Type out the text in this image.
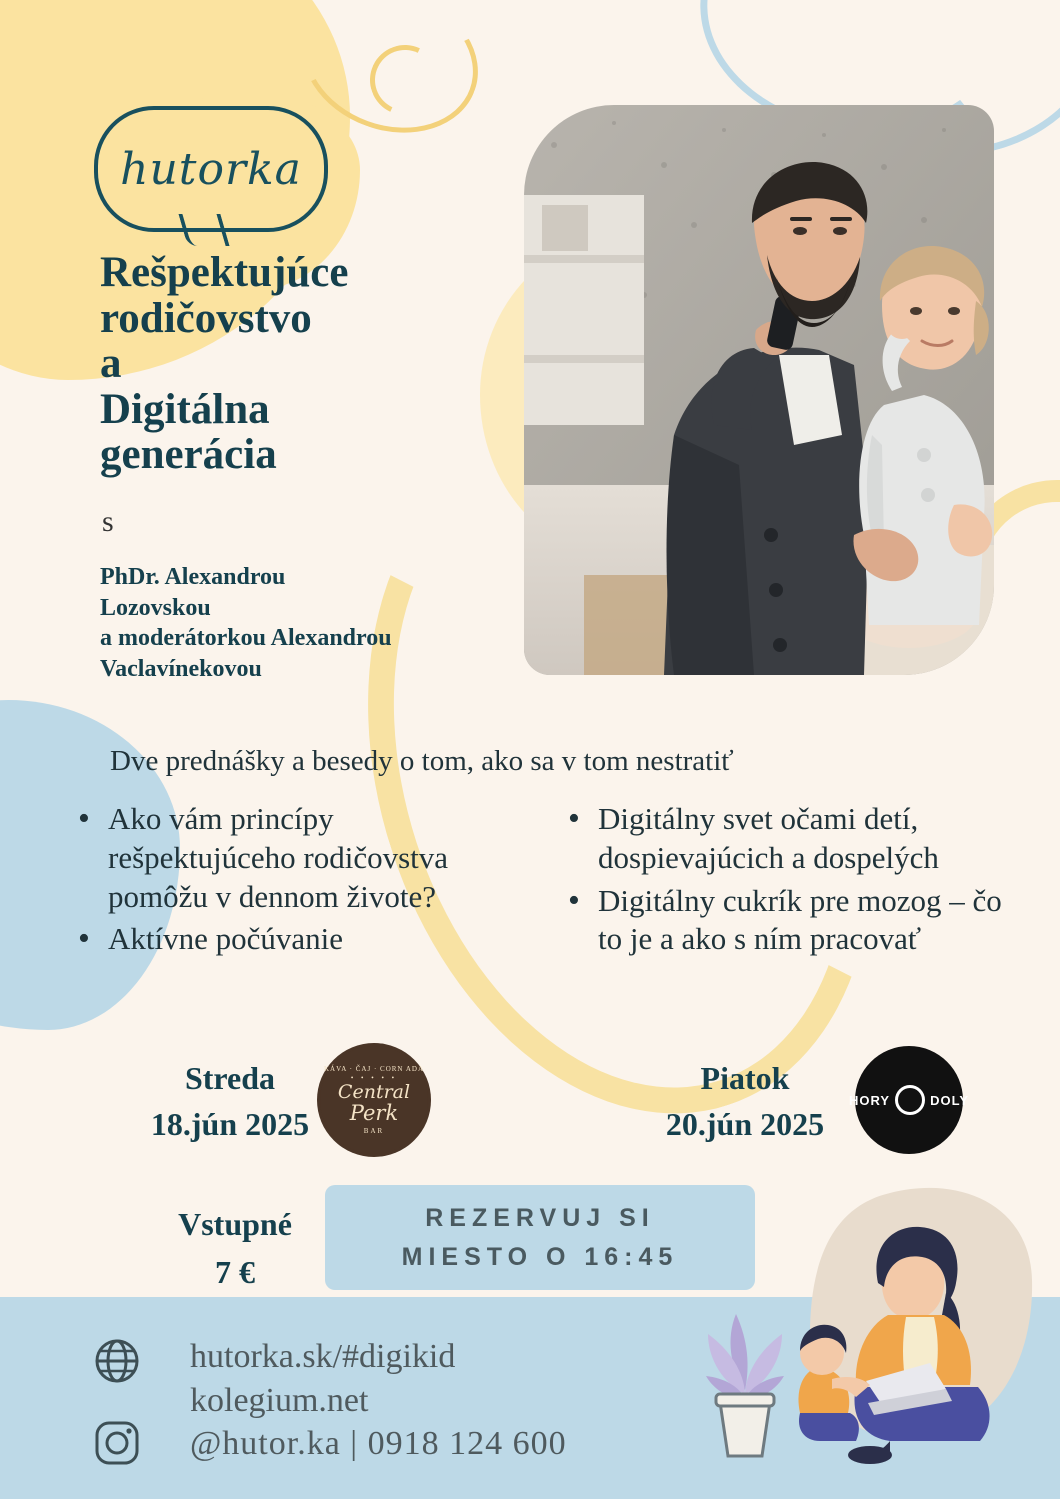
hutorka
Rešpektujúce
rodičovstvo
a
Digitálna
generácia
s
PhDr. Alexandrou
Lozovskou
a moderátorkou Alexandrou
Vaclavínekovou
Dve prednášky a besedy o tom, ako sa v tom nestratiť
• Ako vám princípy rešpektujúceho rodičovstva pomôžu v dennom živote?
• Aktívne počúvanie
• Digitálny svet očami detí, dospievajúcich a dospelých
• Digitálny cukrík pre mozog – čo to je a ako s ním pracovať
Streda
18.jún 2025
Piatok
20.jún 2025
KÁVA · ČAJ · CORN ADA
• • • • •
Central
Perk
BAR
HORY	DOLY
Vstupné
7 €
REZERVUJ SI
MIESTO O 16:45
hutorka.sk/#digikid
kolegium.net
@hutor.ka | 0918 124 600
